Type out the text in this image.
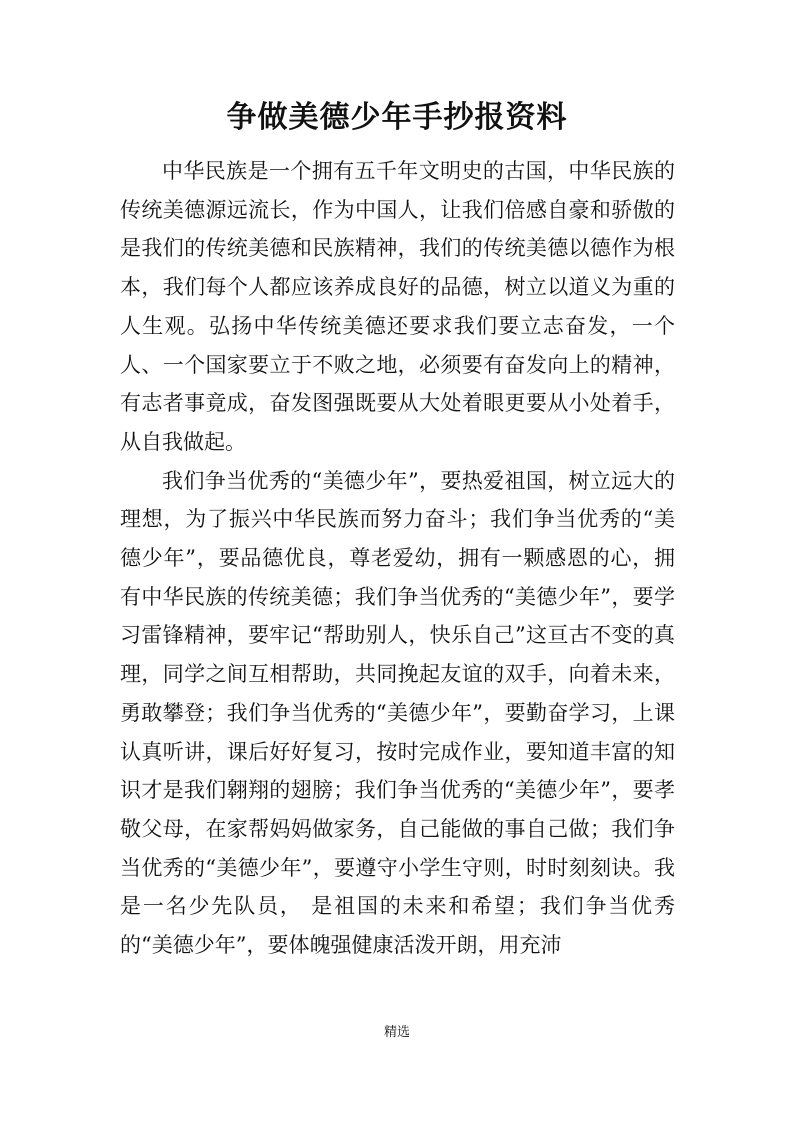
争做美德少年手抄报资料

中华民族是一个拥有五千年文明史的古国，中华民族的传统美德源远流长，作为中国人，让我们倍感自豪和骄傲的是我们的传统美德和民族精神，我们的传统美德以德作为根本，我们每个人都应该养成良好的品德，树立以道义为重的人生观。弘扬中华传统美德还要求我们要立志奋发，一个人、一个国家要立于不败之地，必须要有奋发向上的精神，有志者事竟成，奋发图强既要从大处着眼更要从小处着手，从自我做起。

我们争当优秀的“美德少年”，要热爱祖国，树立远大的理想，为了振兴中华民族而努力奋斗；我们争当优秀的“美德少年”，要品德优良，尊老爱幼，拥有一颗感恩的心，拥有中华民族的传统美德；我们争当优秀的“美德少年”，要学习雷锋精神，要牢记“帮助别人，快乐自己”这亘古不变的真理，同学之间互相帮助，共同挽起友谊的双手，向着未来，勇敢攀登；我们争当优秀的“美德少年”，要勤奋学习，上课认真听讲，课后好好复习，按时完成作业，要知道丰富的知识才是我们翱翔的翅膀；我们争当优秀的“美德少年”，要孝敬父母，在家帮妈妈做家务，自己能做的事自己做；我们争当优秀的“美德少年”，要遵守小学生守则，时时刻刻诀。我是一名少先队员， 是祖国的未来和希望；我们争当优秀的“美德少年”，要体魄强健康活泼开朗，用充沛

精选
